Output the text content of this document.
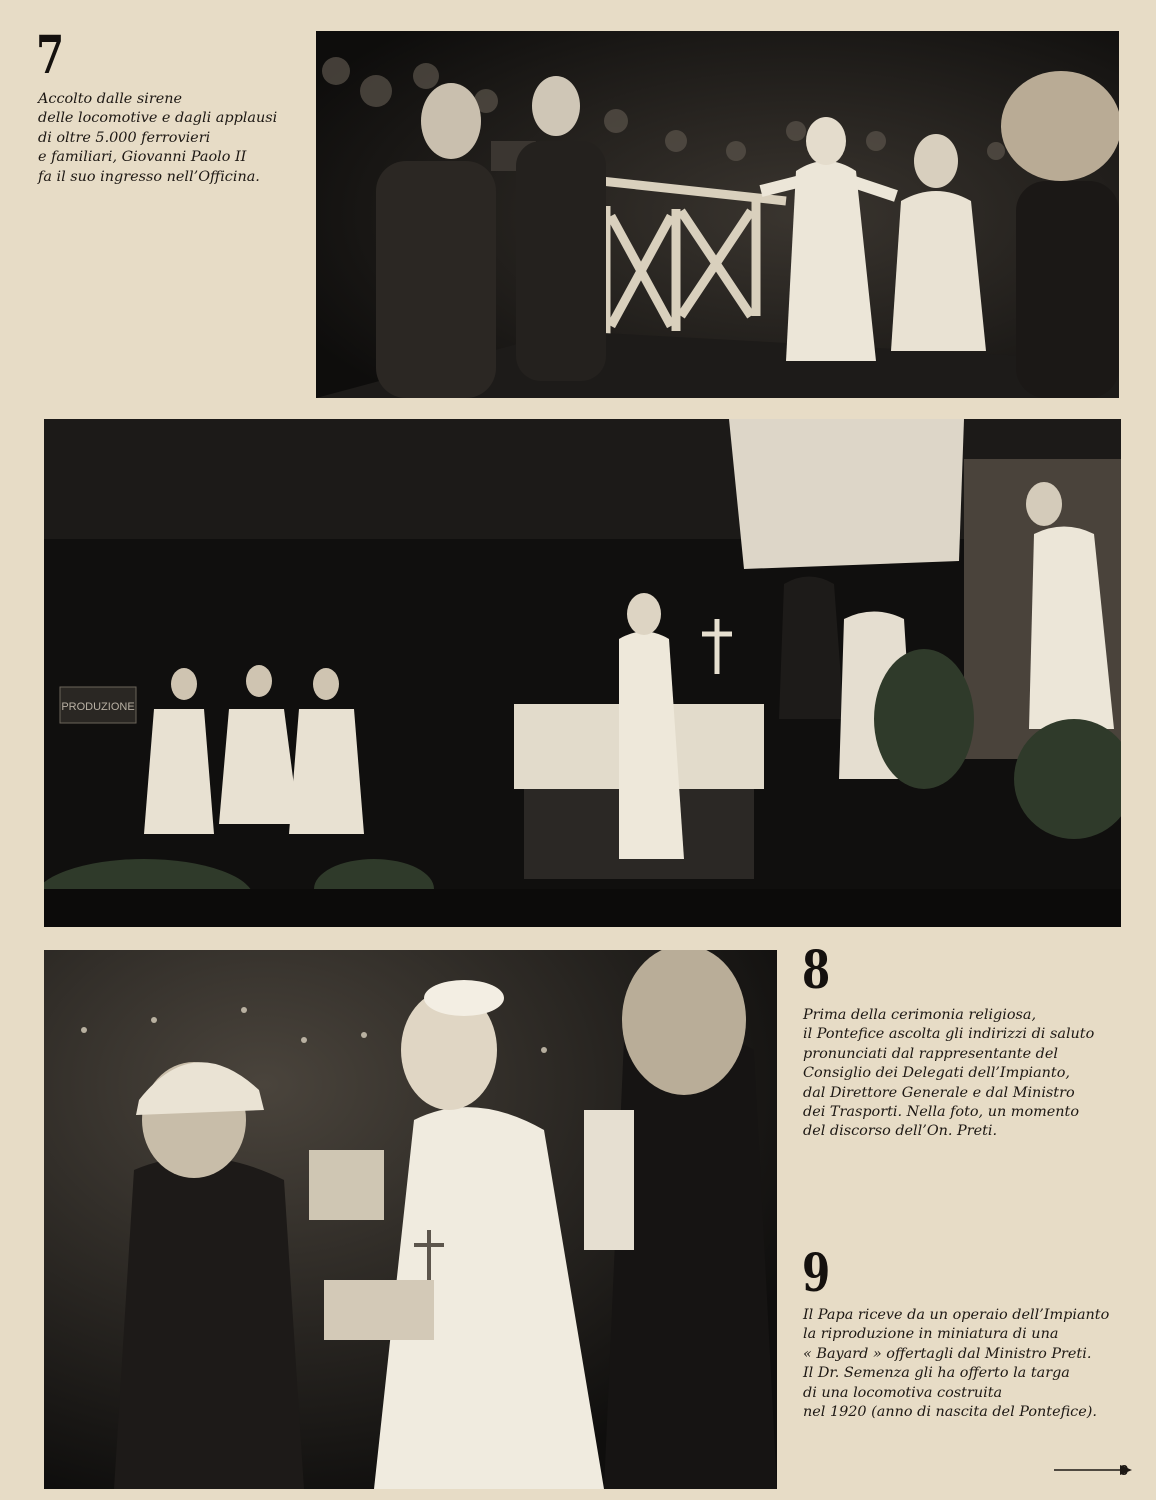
7

Accolto dalle sirene
delle locomotive e dagli applausi
di oltre 5.000 ferrovieri
e familiari, Giovanni Paolo II
fa il suo ingresso nell’Officina.

PRODUZIONE
8

Prima della cerimonia religiosa,
il Pontefice ascolta gli indirizzi di saluto
pronunciati dal rappresentante del
Consiglio dei Delegati dell’Impianto,
dal Direttore Generale e dal Ministro
dei Trasporti. Nella foto, un momento
del discorso dell’On. Preti.

9

Il Papa riceve da un operaio dell’Impianto
la riproduzione in miniatura di una
« Bayard » offertagli dal Ministro Preti.
Il Dr. Semenza gli ha offerto la targa
di una locomotiva costruita
nel 1920 (anno di nascita del Pontefice).

9
